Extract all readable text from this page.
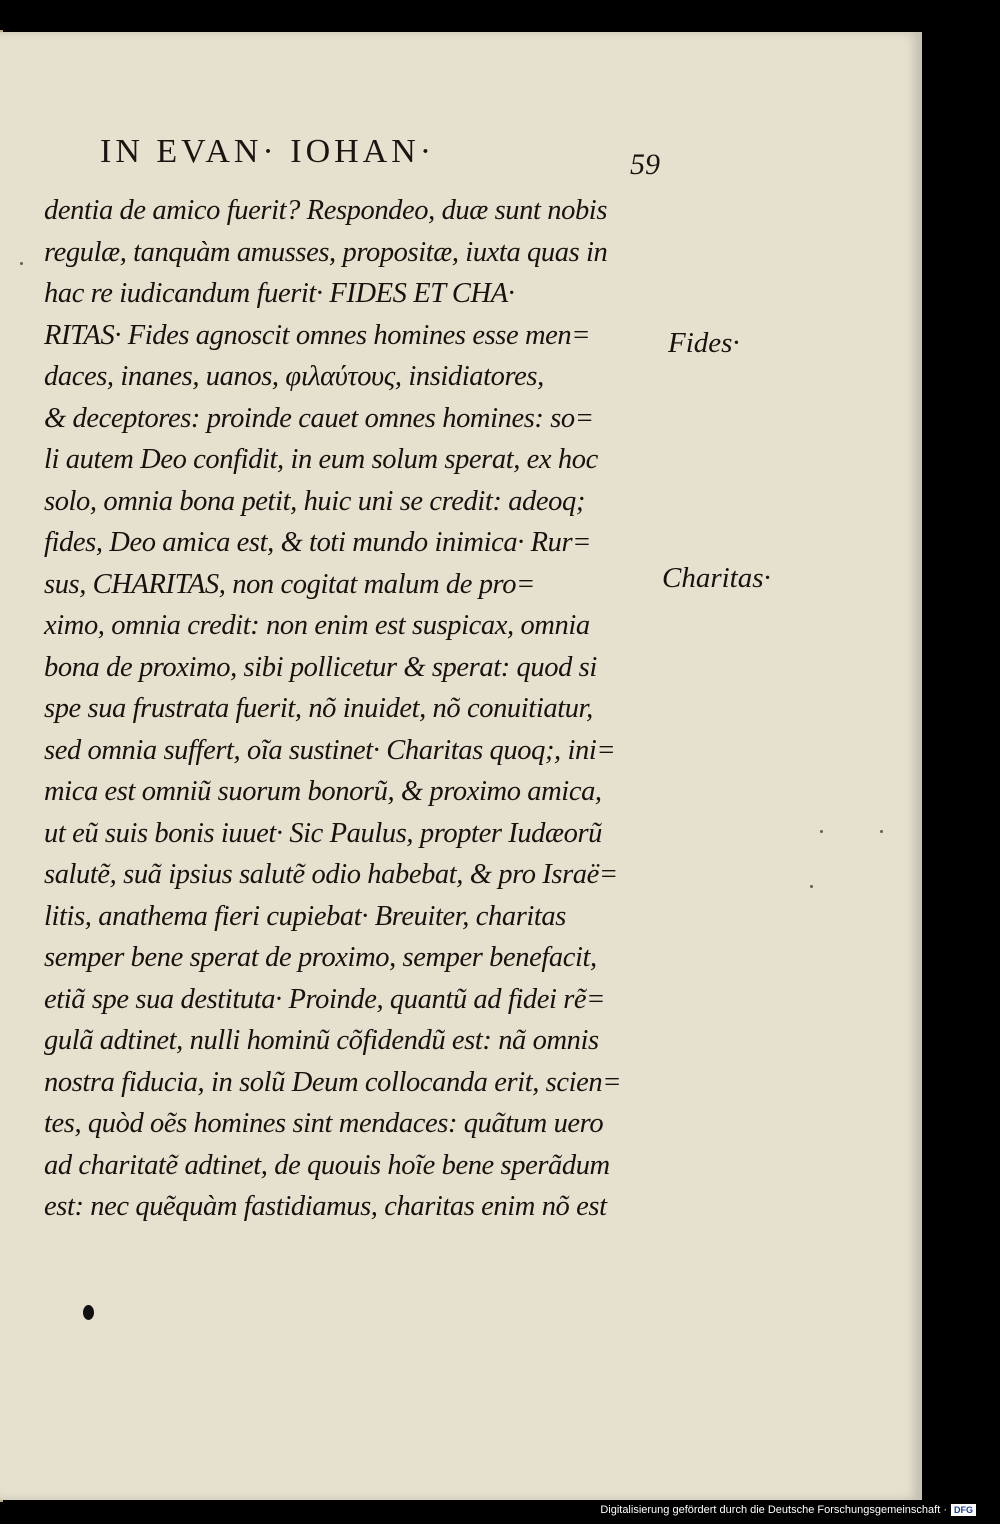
IN EVAN· IOHAN·	59
dentia de amico fuerit? Respondeo, duæ sunt nobis
regulæ, tanquàm amusses, propositæ, iuxta quas in
hac re iudicandum fuerit· FIDES ET CHA·
RITAS· Fides agnoscit omnes homines esse men=
daces, inanes, uanos, φιλαύτους, insidiatores,
& deceptores: proinde cauet omnes homines: so=
li autem Deo confidit, in eum solum sperat, ex hoc
solo, omnia bona petit, huic uni se credit: adeoq;
fides, Deo amica est, & toti mundo inimica· Rur=
sus, CHARITAS, non cogitat malum de pro=
ximo, omnia credit: non enim est suspicax, omnia
bona de proximo, sibi pollicetur & sperat: quod si
spe sua frustrata fuerit, nõ inuidet, nõ conuitiatur,
sed omnia suffert, oĩa sustinet· Charitas quoq;, ini=
mica est omniũ suorum bonorũ, & proximo amica,
ut eũ suis bonis iuuet· Sic Paulus, propter Iudæorũ
salutẽ, suã ipsius salutẽ odio habebat, & pro Israë=
litis, anathema fieri cupiebat· Breuiter, charitas
semper bene sperat de proximo, semper benefacit,
etiã spe sua destituta· Proinde, quantũ ad fidei rẽ=
gulã adtinet, nulli hominũ cõfidendũ est: nã omnis
nostra fiducia, in solũ Deum collocanda erit, scien=
tes, quòd oẽs homines sint mendaces: quãtum uero
ad charitatẽ adtinet, de quouis hoĩe bene sperãdum
est: nec quẽquàm fastidiamus, charitas enim nõ est
Fides·
Charitas·
Digitalisierung gefördert durch die Deutsche Forschungsgemeinschaft · DFG
